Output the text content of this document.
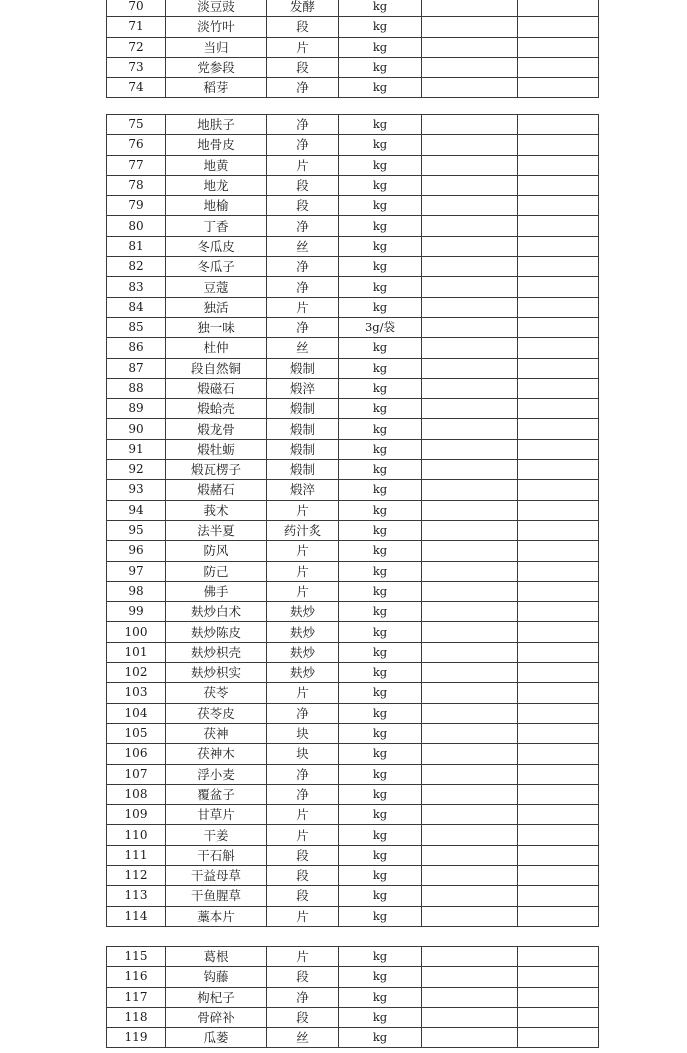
70	淡豆豉	发酵	kg		
71	淡竹叶	段	kg		
72	当归	片	kg		
73	党参段	段	kg		
74	稻芽	净	kg		
75	地肤子	净	kg		
76	地骨皮	净	kg		
77	地黄	片	kg		
78	地龙	段	kg		
79	地榆	段	kg		
80	丁香	净	kg		
81	冬瓜皮	丝	kg		
82	冬瓜子	净	kg		
83	豆蔻	净	kg		
84	独活	片	kg		
85	独一味	净	3g/袋		
86	杜仲	丝	kg		
87	段自然铜	煅制	kg		
88	煅磁石	煅淬	kg		
89	煅蛤壳	煅制	kg		
90	煅龙骨	煅制	kg		
91	煅牡蛎	煅制	kg		
92	煅瓦楞子	煅制	kg		
93	煅赭石	煅淬	kg		
94	莪术	片	kg		
95	法半夏	药汁炙	kg		
96	防风	片	kg		
97	防己	片	kg		
98	佛手	片	kg		
99	麸炒白术	麸炒	kg		
100	麸炒陈皮	麸炒	kg		
101	麸炒枳壳	麸炒	kg		
102	麸炒枳实	麸炒	kg		
103	茯苓	片	kg		
104	茯苓皮	净	kg		
105	茯神	块	kg		
106	茯神木	块	kg		
107	浮小麦	净	kg		
108	覆盆子	净	kg		
109	甘草片	片	kg		
110	干姜	片	kg		
111	干石斛	段	kg		
112	干益母草	段	kg		
113	干鱼腥草	段	kg		
114	藁本片	片	kg		
115	葛根	片	kg		
116	钩藤	段	kg		
117	枸杞子	净	kg		
118	骨碎补	段	kg		
119	瓜蒌	丝	kg		
